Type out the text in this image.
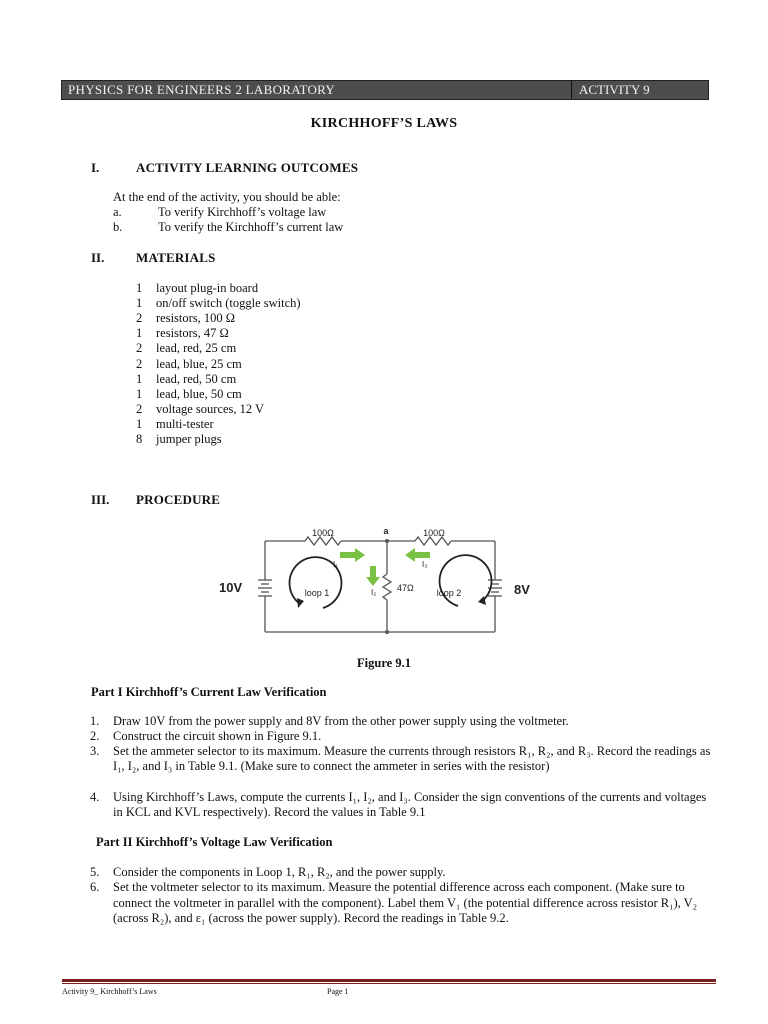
PHYSICS FOR ENGINEERS 2 LABORATORY	ACTIVITY 9
KIRCHHOFF’S LAWS
I.	ACTIVITY LEARNING OUTCOMES
At the end of the activity, you should be able:
a.	To verify Kirchhoff’s voltage law
b.	To verify the Kirchhoff’s current law
II. MATERIALS
1 layout plug-in board
1 on/off switch (toggle switch)
2 resistors, 100 Ω
1 resistors, 47 Ω
2 lead, red, 25 cm
2 lead, blue, 25 cm
1 lead, red, 50 cm
1 lead, blue, 50 cm
2 voltage sources, 12 V
1 multi-tester
8 jumper plugs
III. PROCEDURE
100Ω	100Ω
a
I₁	I₃
I₂ 47Ω
10V	8V
loop 1	loop 2
Figure 9.1
Part I Kirchhoff’s Current Law Verification
1.	Draw 10V from the power supply and 8V from the other power supply using the voltmeter.
2.	Construct the circuit shown in Figure 9.1.
3.	Set the ammeter selector to its maximum. Measure the currents through resistors R₁, R₂, and R₃. Record the readings as I₁, I₂, and I₃ in Table 9.1. (Make sure to connect the ammeter in series with the resistor)
4.	Using Kirchhoff’s Laws, compute the currents I₁, I₂, and I₃. Consider the sign conventions of the currents and voltages in KCL and KVL respectively). Record the values in Table 9.1
Part II Kirchhoff’s Voltage Law Verification
5.	Consider the components in Loop 1, R₁, R₂, and the power supply.
6.	Set the voltmeter selector to its maximum. Measure the potential difference across each component. (Make sure to connect the voltmeter in parallel with the component). Label them V₁ (the potential difference across resistor R₁), V₂ (across R₂), and ε₁ (across the power supply). Record the readings in Table 9.2.
Activity 9_ Kirchhoff’s Laws	Page 1
